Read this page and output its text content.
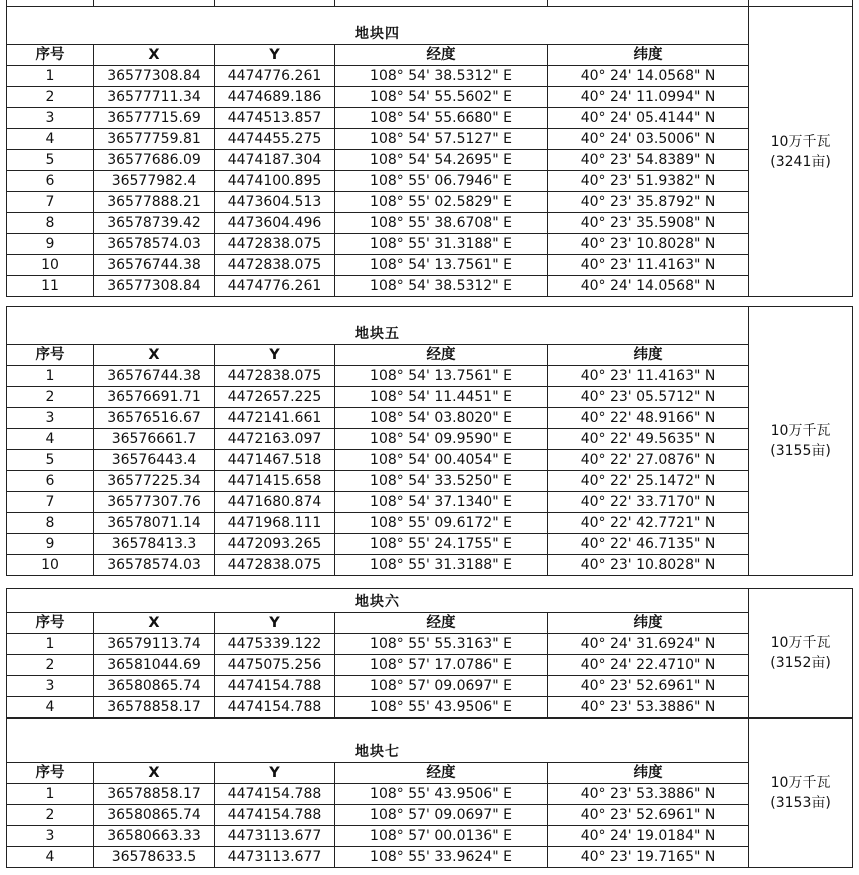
地块四					10万千瓦
(3241亩)

序号	X	Y	经度	纬度	
1	36577308.84	4474776.261	108° 54' 38.5312" E	40° 24' 14.0568" N	
2	36577711.34	4474689.186	108° 54' 55.5602" E	40° 24' 11.0994" N	
3	36577715.69	4474513.857	108° 54' 55.6680" E	40° 24' 05.4144" N	
4	36577759.81	4474455.275	108° 54' 57.5127" E	40° 24' 03.5006" N	
5	36577686.09	4474187.304	108° 54' 54.2695" E	40° 23' 54.8389" N	
6	36577982.4	4474100.895	108° 55' 06.7946" E	40° 23' 51.9382" N	
7	36577888.21	4473604.513	108° 55' 02.5829" E	40° 23' 35.8792" N	
8	36578739.42	4473604.496	108° 55' 38.6708" E	40° 23' 35.5908" N	
9	36578574.03	4472838.075	108° 55' 31.3188" E	40° 23' 10.8028" N	
10	36576744.38	4472838.075	108° 54' 13.7561" E	40° 23' 11.4163" N	
11	36577308.84	4474776.261	108° 54' 38.5312" E	40° 24' 14.0568" N	
地块五					10万千瓦
(3155亩)

序号	X	Y	经度	纬度	
1	36576744.38	4472838.075	108° 54' 13.7561" E	40° 23' 11.4163" N	
2	36576691.71	4472657.225	108° 54' 11.4451" E	40° 23' 05.5712" N	
3	36576516.67	4472141.661	108° 54' 03.8020" E	40° 22' 48.9166" N	
4	36576661.7	4472163.097	108° 54' 09.9590" E	40° 22' 49.5635" N	
5	36576443.4	4471467.518	108° 54' 00.4054" E	40° 22' 27.0876" N	
6	36577225.34	4471415.658	108° 54' 33.5250" E	40° 22' 25.1472" N	
7	36577307.76	4471680.874	108° 54' 37.1340" E	40° 22' 33.7170" N	
8	36578071.14	4471968.111	108° 55' 09.6172" E	40° 22' 42.7721" N	
9	36578413.3	4472093.265	108° 55' 24.1755" E	40° 22' 46.7135" N	
10	36578574.03	4472838.075	108° 55' 31.3188" E	40° 23' 10.8028" N	
地块六					10万千瓦
(3152亩)

序号	X	Y	经度	纬度	
1	36579113.74	4475339.122	108° 55' 55.3163" E	40° 24' 31.6924" N	
2	36581044.69	4475075.256	108° 57' 17.0786" E	40° 24' 22.4710" N	
3	36580865.74	4474154.788	108° 57' 09.0697" E	40° 23' 52.6961" N	
4	36578858.17	4474154.788	108° 55' 43.9506" E	40° 23' 53.3886" N	
地块七					10万千瓦
(3153亩)

序号	X	Y	经度	纬度	
1	36578858.17	4474154.788	108° 55' 43.9506" E	40° 23' 53.3886" N	
2	36580865.74	4474154.788	108° 57' 09.0697" E	40° 23' 52.6961" N	
3	36580663.33	4473113.677	108° 57' 00.0136" E	40° 24' 19.0184" N	
4	36578633.5	4473113.677	108° 55' 33.9624" E	40° 23' 19.7165" N	
